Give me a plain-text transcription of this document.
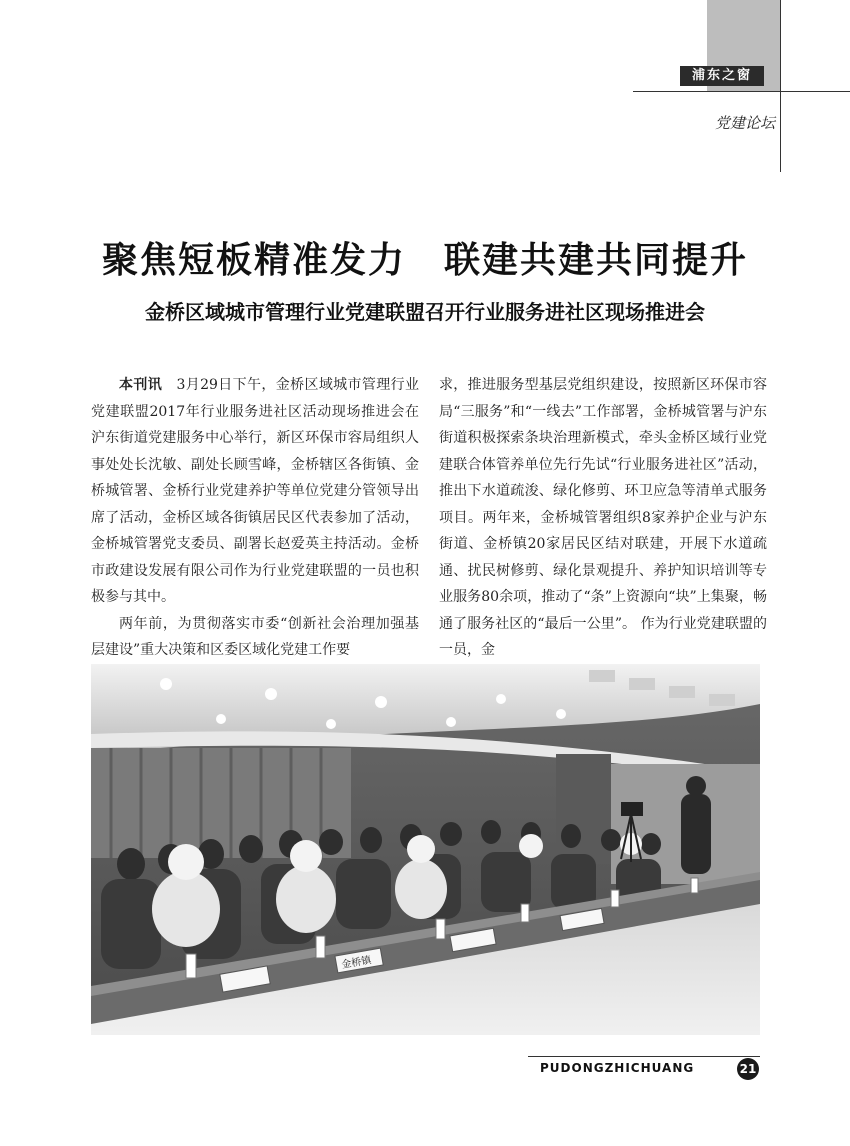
浦东之窗
党建论坛
聚焦短板精准发力　联建共建共同提升
金桥区域城市管理行业党建联盟召开行业服务进社区现场推进会

本刊讯　 3月29日下午，金桥区域城市管理行业党建联盟2017年行业服务进社区活动现场推进会在沪东街道党建服务中心举行，新区环保市容局组织人事处处长沈敏、副处长顾雪峰，金桥辖区各街镇、金桥城管署、金桥行业党建养护等单位党建分管领导出席了活动，金桥区域各街镇居民区代表参加了活动，金桥城管署党支委员、副署长赵爱英主持活动。金桥市政建设发展有限公司作为行业党建联盟的一员也积极参与其中。

两年前，为贯彻落实市委“创新社会治理加强基层建设”重大决策和区委区域化党建工作要

求，推进服务型基层党组织建设，按照新区环保市容局“三服务”和“一线去”工作部署，金桥城管署与沪东街道积极探索条块治理新模式，牵头金桥区域行业党建联合体管养单位先行先试“行业服务进社区”活动，推出下水道疏浚、绿化修剪、环卫应急等清单式服务项目。两年来，金桥城管署组织8家养护企业与沪东街道、金桥镇20家居民区结对联建，开展下水道疏通、扰民树修剪、绿化景观提升、养护知识培训等专业服务80余项，推动了“条”上资源向“块”上集聚，畅通了服务社区的“最后一公里”。 作为行业党建联盟的一员，金

金桥镇
PUDONGZHICHUANG	21
